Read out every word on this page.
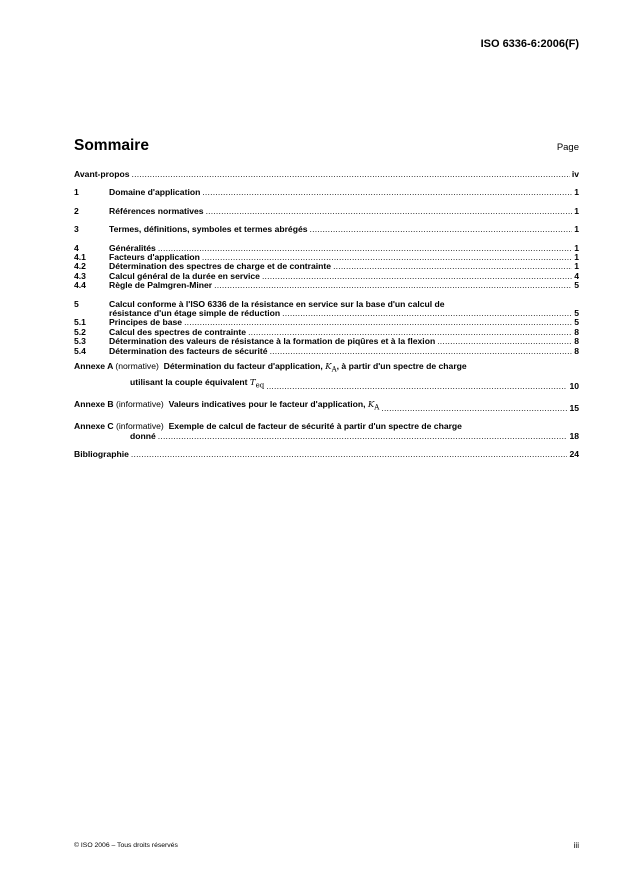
ISO 6336-6:2006(F)
Sommaire	Page
Avant-propos .....	iv
1	Domaine d'application .....	1
2	Références normatives .....	1
3	Termes, définitions, symboles et termes abrégés .....	1
4	Généralités .....	1
4.1	Facteurs d'application .....	1
4.2	Détermination des spectres de charge et de contrainte .....	1
4.3	Calcul général de la durée en service .....	4
4.4	Règle de Palmgren-Miner .....	5
5	Calcul conforme à l'ISO 6336 de la résistance en service sur la base d'un calcul de
résistance d'un étage simple de réduction .....	5
5.1	Principes de base .....	5
5.2	Calcul des spectres de contrainte .....	8
5.3	Détermination des valeurs de résistance à la formation de piqûres et à la flexion .....	8
5.4	Détermination des facteurs de sécurité .....	8
Annexe A (normative) Détermination du facteur d'application, $K_A$, à partir d'un spectre de charge
utilisant la couple équivalent $T_{eq}$ .....	10
Annexe B (informative) Valeurs indicatives pour le facteur d'application, $K_A$ .....	15
Annexe C (informative) Exemple de calcul de facteur de sécurité à partir d'un spectre de charge
donné .....	18
Bibliographie .....	24
© ISO 2006 – Tous droits réservés	iii
